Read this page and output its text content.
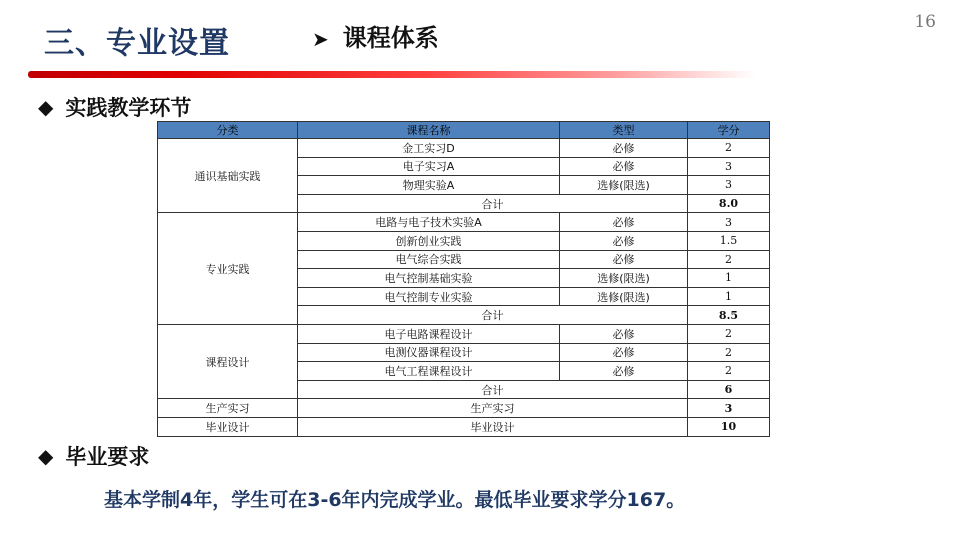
三、专业设置	➤ 课程体系
16
◆ 实践教学环节
分类	课程名称	类型	学分
通识基础实践	金工实习D	必修	2
	电子实习A	必修	3
	物理实验A	选修(限选)	3
	合计		8.0
专业实践	电路与电子技术实验A	必修	3
	创新创业实践	必修	1.5
	电气综合实践	必修	2
	电气控制基础实验	选修(限选)	1
	电气控制专业实验	选修(限选)	1
	合计		8.5
课程设计	电子电路课程设计	必修	2
	电测仪器课程设计	必修	2
	电气工程课程设计	必修	2
	合计		6
生产实习	生产实习		3
毕业设计	毕业设计		10
◆ 毕业要求
基本学制4年，学生可在3-6年内完成学业。最低毕业要求学分167。
